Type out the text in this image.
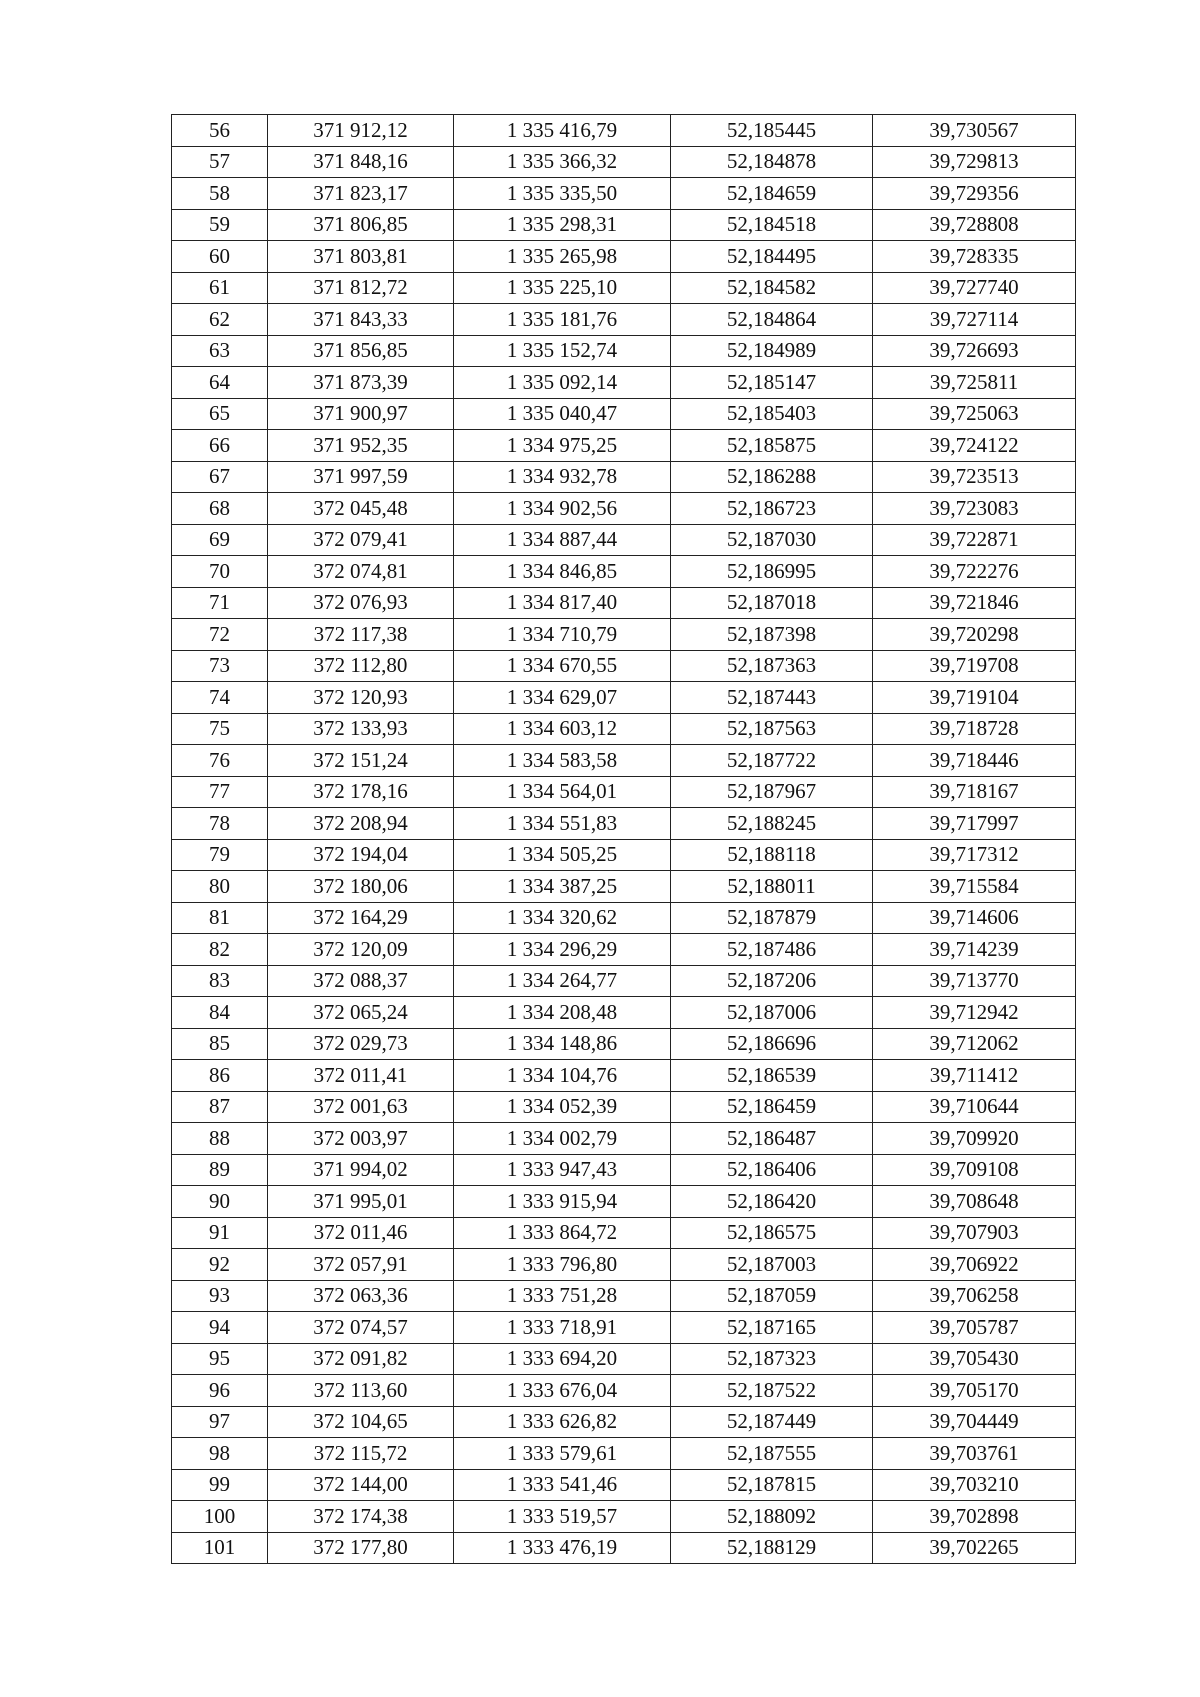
56	371 912,12	1 335 416,79	52,185445	39,730567
57	371 848,16	1 335 366,32	52,184878	39,729813
58	371 823,17	1 335 335,50	52,184659	39,729356
59	371 806,85	1 335 298,31	52,184518	39,728808
60	371 803,81	1 335 265,98	52,184495	39,728335
61	371 812,72	1 335 225,10	52,184582	39,727740
62	371 843,33	1 335 181,76	52,184864	39,727114
63	371 856,85	1 335 152,74	52,184989	39,726693
64	371 873,39	1 335 092,14	52,185147	39,725811
65	371 900,97	1 335 040,47	52,185403	39,725063
66	371 952,35	1 334 975,25	52,185875	39,724122
67	371 997,59	1 334 932,78	52,186288	39,723513
68	372 045,48	1 334 902,56	52,186723	39,723083
69	372 079,41	1 334 887,44	52,187030	39,722871
70	372 074,81	1 334 846,85	52,186995	39,722276
71	372 076,93	1 334 817,40	52,187018	39,721846
72	372 117,38	1 334 710,79	52,187398	39,720298
73	372 112,80	1 334 670,55	52,187363	39,719708
74	372 120,93	1 334 629,07	52,187443	39,719104
75	372 133,93	1 334 603,12	52,187563	39,718728
76	372 151,24	1 334 583,58	52,187722	39,718446
77	372 178,16	1 334 564,01	52,187967	39,718167
78	372 208,94	1 334 551,83	52,188245	39,717997
79	372 194,04	1 334 505,25	52,188118	39,717312
80	372 180,06	1 334 387,25	52,188011	39,715584
81	372 164,29	1 334 320,62	52,187879	39,714606
82	372 120,09	1 334 296,29	52,187486	39,714239
83	372 088,37	1 334 264,77	52,187206	39,713770
84	372 065,24	1 334 208,48	52,187006	39,712942
85	372 029,73	1 334 148,86	52,186696	39,712062
86	372 011,41	1 334 104,76	52,186539	39,711412
87	372 001,63	1 334 052,39	52,186459	39,710644
88	372 003,97	1 334 002,79	52,186487	39,709920
89	371 994,02	1 333 947,43	52,186406	39,709108
90	371 995,01	1 333 915,94	52,186420	39,708648
91	372 011,46	1 333 864,72	52,186575	39,707903
92	372 057,91	1 333 796,80	52,187003	39,706922
93	372 063,36	1 333 751,28	52,187059	39,706258
94	372 074,57	1 333 718,91	52,187165	39,705787
95	372 091,82	1 333 694,20	52,187323	39,705430
96	372 113,60	1 333 676,04	52,187522	39,705170
97	372 104,65	1 333 626,82	52,187449	39,704449
98	372 115,72	1 333 579,61	52,187555	39,703761
99	372 144,00	1 333 541,46	52,187815	39,703210
100	372 174,38	1 333 519,57	52,188092	39,702898
101	372 177,80	1 333 476,19	52,188129	39,702265
